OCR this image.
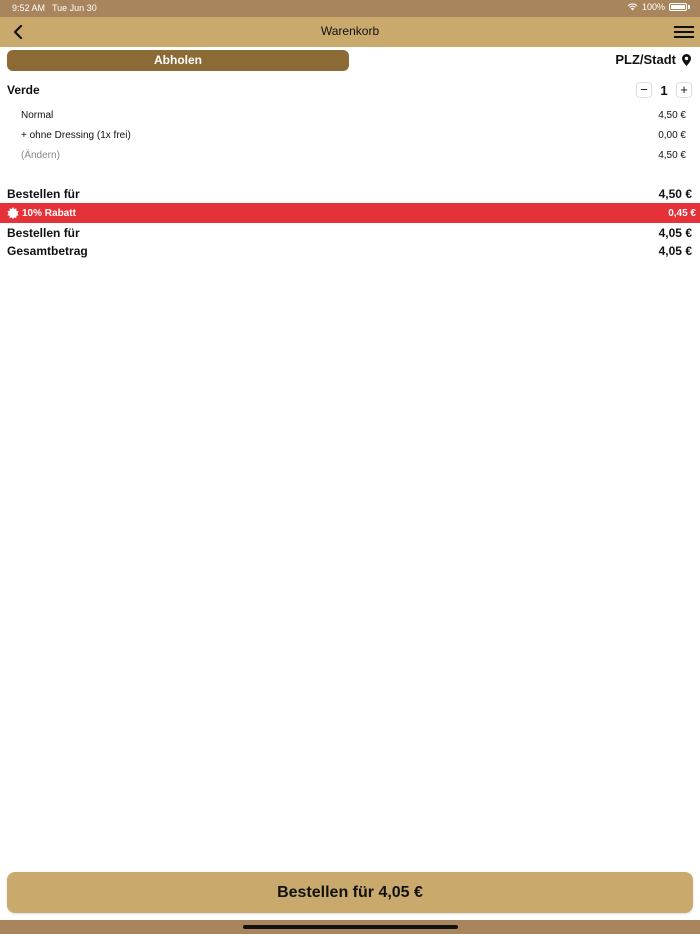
9:52 AM Tue Jun 30	100%
Warenkorb
Abholen	PLZ/Stadt
Verde	− 1 +
Normal	4,50 €
+ ohne Dressing (1x frei)	0,00 €
(Ändern)	4,50 €
Bestellen für	4,50 €
10% Rabatt	0,45 €
Bestellen für	4,05 €
Gesamtbetrag	4,05 €
Bestellen für 4,05 €
